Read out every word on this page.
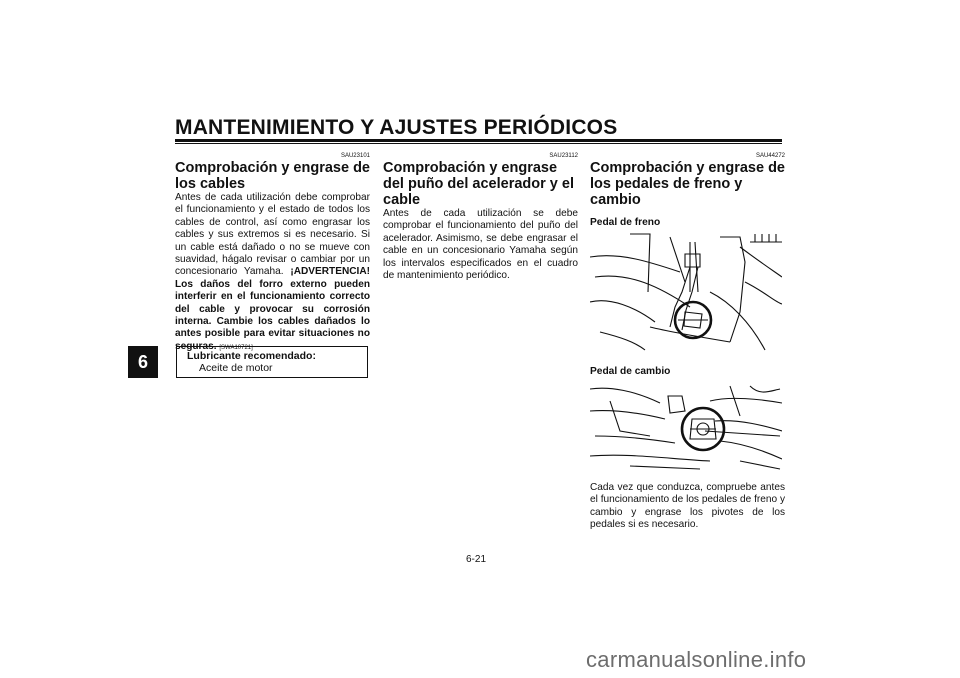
MANTENIMIENTO Y AJUSTES PERIÓDICOS
6
SAU23101
Comprobación y engrase de los cables

Antes de cada utilización debe comprobar el funcionamiento y el estado de todos los cables de control, así como engrasar los cables y sus extremos si es necesario. Si un cable está dañado o no se mueve con suavidad, hágalo revisar o cambiar por un concesionario Yamaha. ¡ADVERTENCIA! Los daños del forro externo pueden interferir en el funcionamiento correcto del cable y provocar su corrosión interna. Cambie los cables dañados lo antes posible para evitar situaciones no seguras. [SWA10721]

Lubricante recomendado:
Aceite de motor
SAU23112
Comprobación y engrase del puño del acelerador y el cable

Antes de cada utilización se debe comprobar el funcionamiento del puño del acelerador. Asimismo, se debe engrasar el cable en un concesionario Yamaha según los intervalos especificados en el cuadro de mantenimiento periódico.

SAU44272
Comprobación y engrase de los pedales de freno y cambio
Pedal de freno
Pedal de cambio

Cada vez que conduzca, compruebe antes el funcionamiento de los pedales de freno y cambio y engrase los pivotes de los pedales si es necesario.

6-21
carmanualsonline.info
